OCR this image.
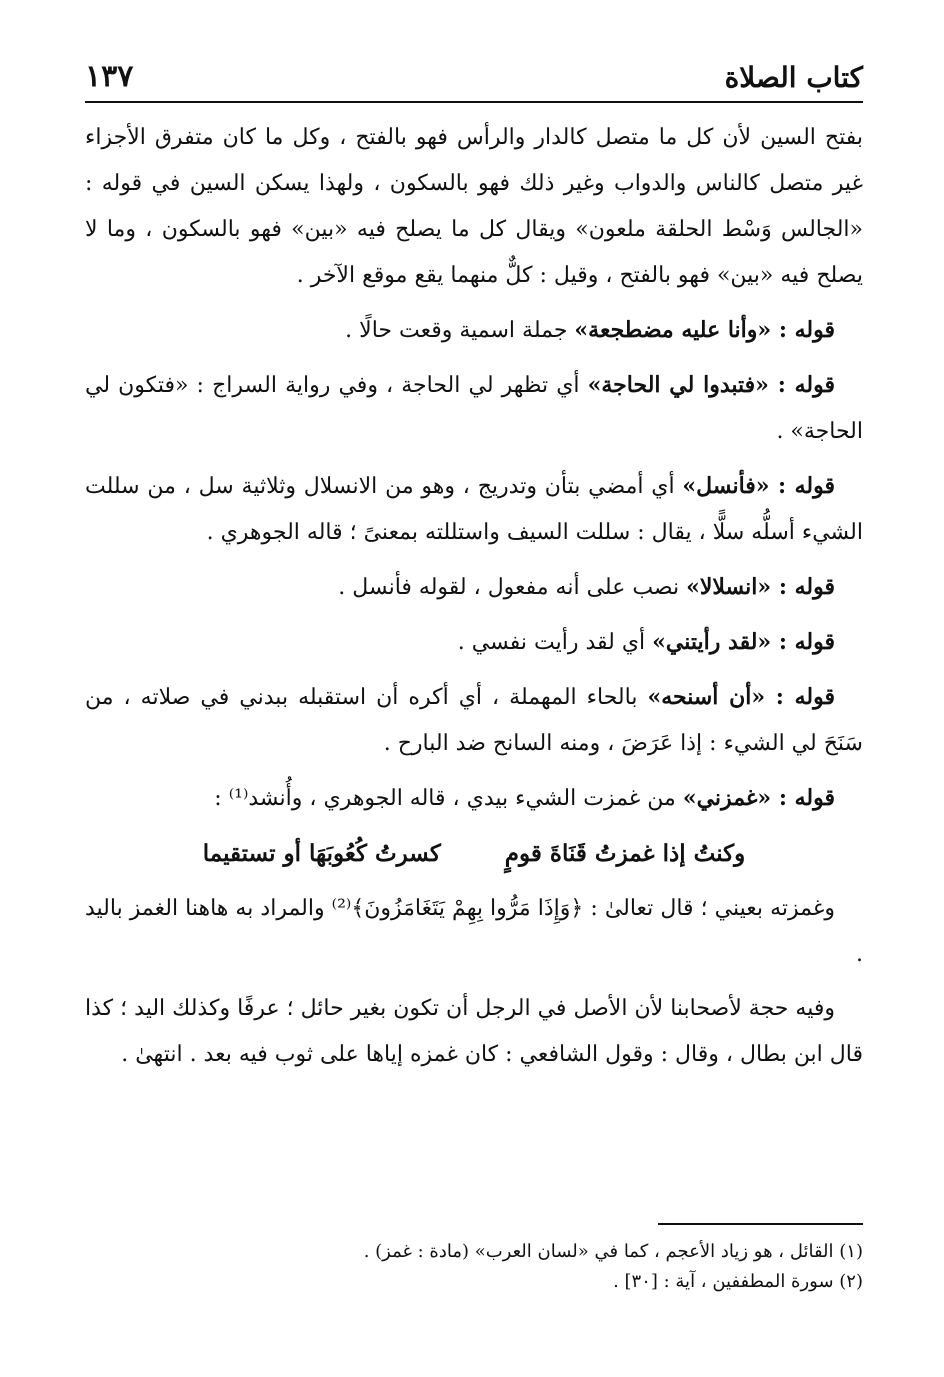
كتاب الصلاة
١٣٧

بفتح السين لأن كل ما متصل كالدار والرأس فهو بالفتح ، وكل ما كان متفرق الأجزاء غير متصل كالناس والدواب وغير ذلك فهو بالسكون ، ولهذا يسكن السين في قوله : «الجالس وَسْط الحلقة ملعون» ويقال كل ما يصلح فيه «بين» فهو بالسكون ، وما لا يصلح فيه «بين» فهو بالفتح ، وقيل : كلٌّ منهما يقع موقع الآخر .

قوله : «وأنا عليه مضطجعة» جملة اسمية وقعت حالًا .

قوله : «فتبدوا لي الحاجة» أي تظهر لي الحاجة ، وفي رواية السراج : «فتكون لي الحاجة» .

قوله : «فأنسل» أي أمضي بتأن وتدريج ، وهو من الانسلال وثلاثية سل ، من سللت الشيء أسلُّه سلًّا ، يقال : سللت السيف واستللته بمعنىً ؛ قاله الجوهري .

قوله : «انسلالا» نصب على أنه مفعول ، لقوله فأنسل .

قوله : «لقد رأيتني» أي لقد رأيت نفسي .

قوله : «أن أسنحه» بالحاء المهملة ، أي أكره أن استقبله ببدني في صلاته ، من سَنَحَ لي الشيء : إذا عَرَضَ ، ومنه السانح ضد البارح .

قوله : «غمزني» من غمزت الشيء بيدي ، قاله الجوهري ، وأُنشد⁽¹⁾ :

وكنتُ إذا غمزتُ قَنَاةَ قومٍ كسرتُ كُعُوبَهَا أو تستقيما

وغمزته بعيني ؛ قال تعالىٰ : ﴿وَإِذَا مَرُّوا بِهِمْ يَتَغَامَزُونَ﴾⁽²⁾ والمراد به هاهنا الغمز باليد .

وفيه حجة لأصحابنا لأن الأصل في الرجل أن تكون بغير حائل ؛ عرفًا وكذلك اليد ؛ كذا قال ابن بطال ، وقال : وقول الشافعي : كان غمزه إياها على ثوب فيه بعد . انتهىٰ .

(١) القائل ، هو زياد الأعجم ، كما في «لسان العرب» (مادة : غمز) .

(٢) سورة المطففين ، آية : [٣٠] .
